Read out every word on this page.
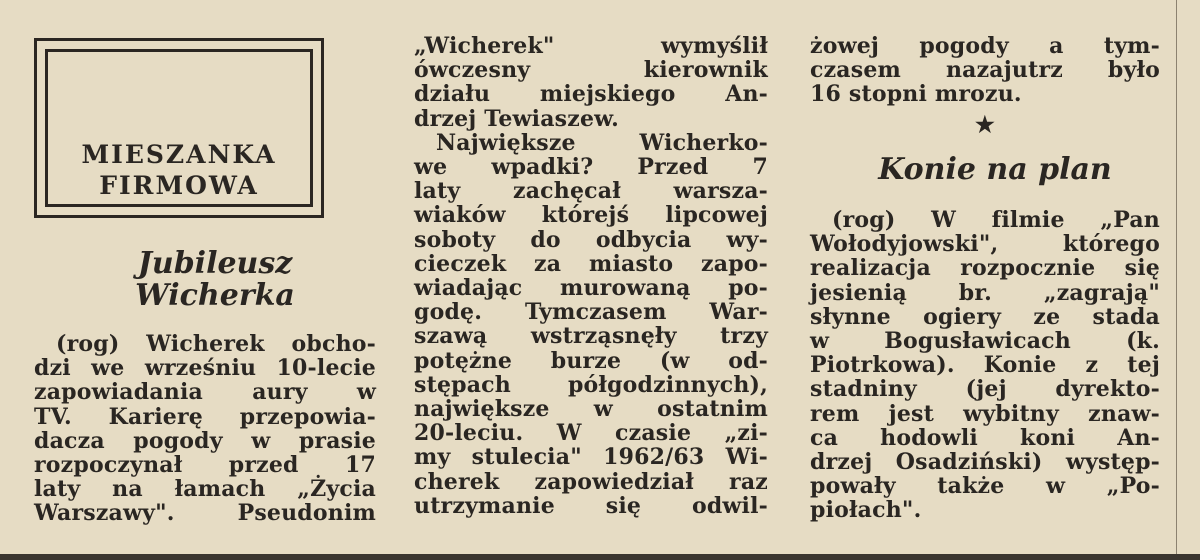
MIESZANKA
FIRMOWA
Jubileusz
Wicherka
(rog) Wicherek obcho-
dzi we wrześniu 10-lecie
zapowiadania aury w
TV. Karierę przepowia-
dacza pogody w prasie
rozpoczynał przed 17
laty na łamach „Życia
Warszawy". Pseudonim
„Wicherek" wymyślił
ówczesny kierownik
działu miejskiego An-
drzej Tewiaszew.
Największe Wicherko-
we wpadki? Przed 7
laty zachęcał warsza-
wiaków którejś lipcowej
soboty do odbycia wy-
cieczek za miasto zapo-
wiadając murowaną po-
godę. Tymczasem War-
szawą wstrząsnęły trzy
potężne burze (w od-
stępach półgodzinnych),
największe w ostatnim
20-leciu. W czasie „zi-
my stulecia" 1962/63 Wi-
cherek zapowiedział raz
utrzymanie się odwil-
żowej pogody a tym-
czasem nazajutrz było
16 stopni mrozu.
★
Konie na plan
(rog) W filmie „Pan
Wołodyjowski", którego
realizacja rozpocznie się
jesienią br. „zagrają"
słynne ogiery ze stada
w Bogusławicach (k.
Piotrkowa). Konie z tej
stadniny (jej dyrekto-
rem jest wybitny znaw-
ca hodowli koni An-
drzej Osadziński) występ-
powały także w „Po-
piołach".
